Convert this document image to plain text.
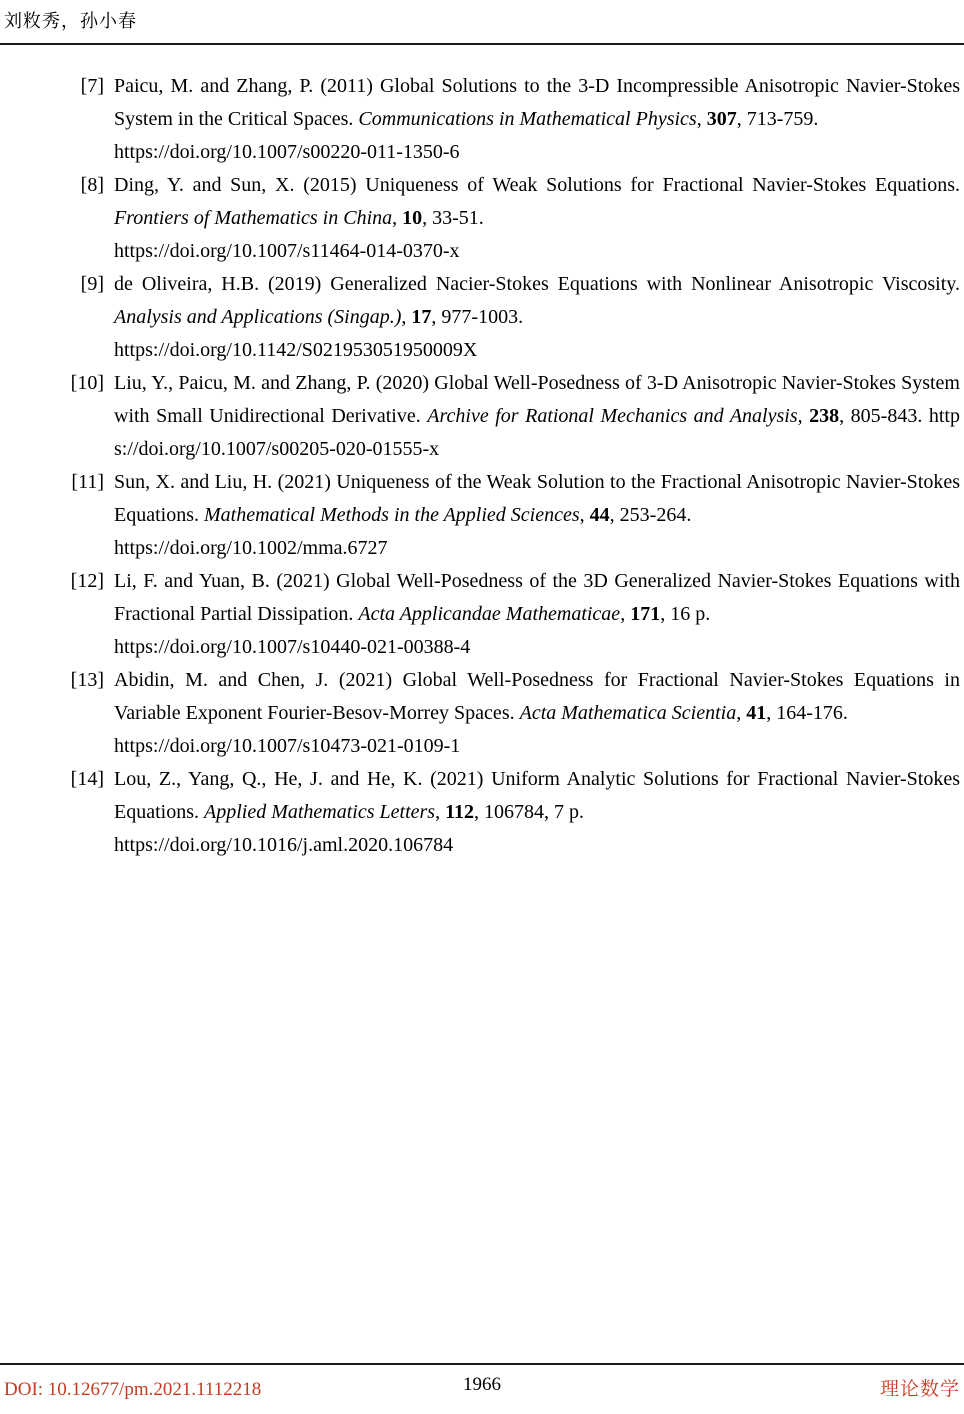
刘敉秀，孙小春
[7] Paicu, M. and Zhang, P. (2011) Global Solutions to the 3-D Incompressible Anisotropic Navier-Stokes System in the Critical Spaces. Communications in Mathematical Physics, 307, 713-759.
https://doi.org/10.1007/s00220-011-1350-6
[8] Ding, Y. and Sun, X. (2015) Uniqueness of Weak Solutions for Fractional Navier-Stokes Equations. Frontiers of Mathematics in China, 10, 33-51.
https://doi.org/10.1007/s11464-014-0370-x
[9] de Oliveira, H.B. (2019) Generalized Nacier-Stokes Equations with Nonlinear Anisotropic Viscosity. Analysis and Applications (Singap.), 17, 977-1003.
https://doi.org/10.1142/S021953051950009X
[10] Liu, Y., Paicu, M. and Zhang, P. (2020) Global Well-Posedness of 3-D Anisotropic Navier-Stokes System with Small Unidirectional Derivative. Archive for Rational Mechanics and Analysis, 238, 805-843. https://doi.org/10.1007/s00205-020-01555-x
[11] Sun, X. and Liu, H. (2021) Uniqueness of the Weak Solution to the Fractional Anisotropic Navier-Stokes Equations. Mathematical Methods in the Applied Sciences, 44, 253-264.
https://doi.org/10.1002/mma.6727
[12] Li, F. and Yuan, B. (2021) Global Well-Posedness of the 3D Generalized Navier-Stokes Equations with Fractional Partial Dissipation. Acta Applicandae Mathematicae, 171, 16 p.
https://doi.org/10.1007/s10440-021-00388-4
[13] Abidin, M. and Chen, J. (2021) Global Well-Posedness for Fractional Navier-Stokes Equations in Variable Exponent Fourier-Besov-Morrey Spaces. Acta Mathematica Scientia, 41, 164-176.
https://doi.org/10.1007/s10473-021-0109-1
[14] Lou, Z., Yang, Q., He, J. and He, K. (2021) Uniform Analytic Solutions for Fractional Navier-Stokes Equations. Applied Mathematics Letters, 112, 106784, 7 p.
https://doi.org/10.1016/j.aml.2020.106784
DOI: 10.12677/pm.2021.1112218	1966	理论数学
